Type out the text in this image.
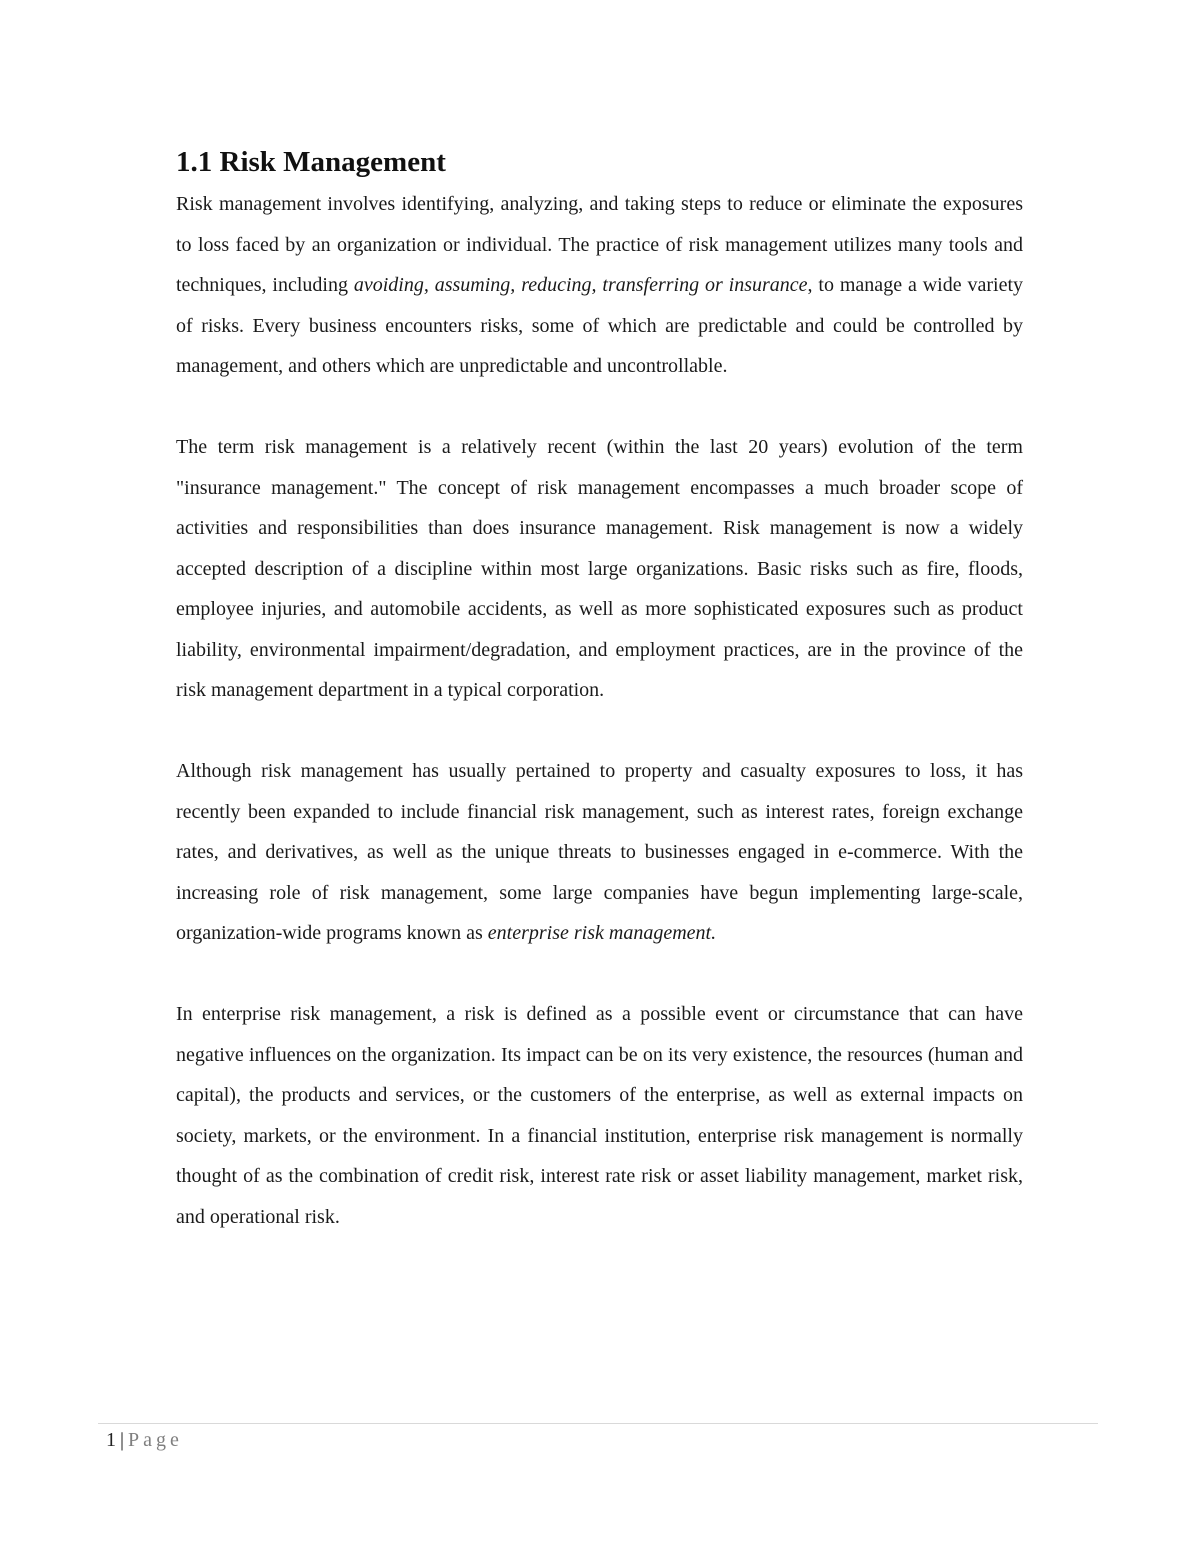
1.1 Risk Management

Risk management involves identifying, analyzing, and taking steps to reduce or eliminate the exposures to loss faced by an organization or individual. The practice of risk management utilizes many tools and techniques, including avoiding, assuming, reducing, transferring or insurance, to manage a wide variety of risks. Every business encounters risks, some of which are predictable and could be controlled by management, and others which are unpredictable and uncontrollable.

The term risk management is a relatively recent (within the last 20 years) evolution of the term "insurance management." The concept of risk management encompasses a much broader scope of activities and responsibilities than does insurance management. Risk management is now a widely accepted description of a discipline within most large organizations. Basic risks such as fire, floods, employee injuries, and automobile accidents, as well as more sophisticated exposures such as product liability, environmental impairment/degradation, and employment practices, are in the province of the risk management department in a typical corporation.

Although risk management has usually pertained to property and casualty exposures to loss, it has recently been expanded to include financial risk management, such as interest rates, foreign exchange rates, and derivatives, as well as the unique threats to businesses engaged in e-commerce. With the increasing role of risk management, some large companies have begun implementing large-scale, organization-wide programs known as enterprise risk management.

In enterprise risk management, a risk is defined as a possible event or circumstance that can have negative influences on the organization. Its impact can be on its very existence, the resources (human and capital), the products and services, or the customers of the enterprise, as well as external impacts on society, markets, or the environment. In a financial institution, enterprise risk management is normally thought of as the combination of credit risk, interest rate risk or asset liability management, market risk, and operational risk.

1 | Page
